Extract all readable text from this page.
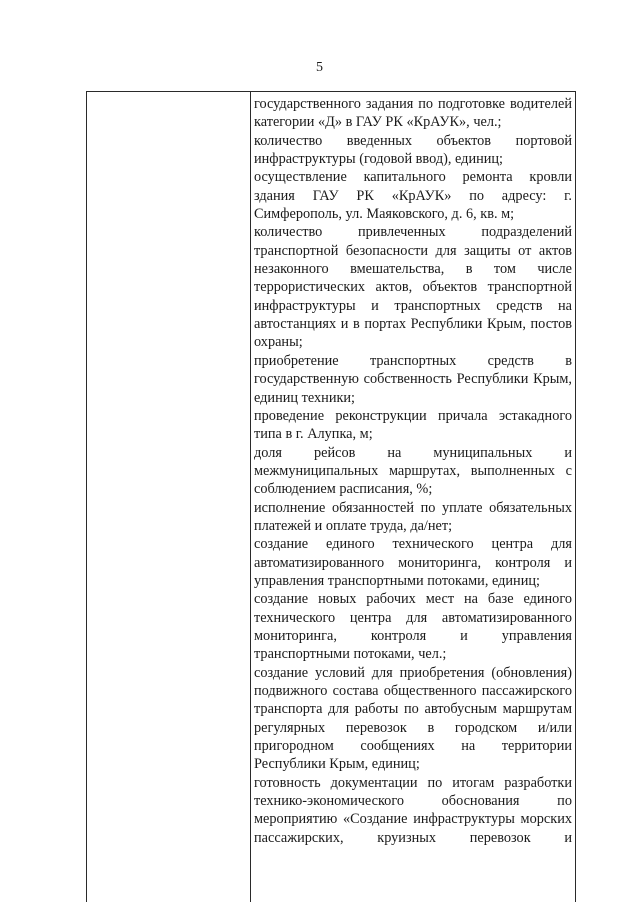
5

государственного задания по подготовке водителей категории «Д» в ГАУ РК «КрАУК», чел.;

количество введенных объектов портовой инфраструктуры (годовой ввод), единиц;

осуществление капитального ремонта кровли здания ГАУ РК «КрАУК» по адресу: г. Симферополь, ул. Маяковского, д. 6, кв. м;

количество привлеченных подразделений транспортной безопасности для защиты от актов незаконного вмешательства, в том числе террористических актов, объектов транспортной инфраструктуры и транспортных средств на автостанциях и в портах Республики Крым, постов охраны;

приобретение транспортных средств в государственную собственность Республики Крым, единиц техники;

проведение реконструкции причала эстакадного типа в г. Алупка, м;

доля рейсов на муниципальных и межмуниципальных маршрутах, выполненных с соблюдением расписания, %;

исполнение обязанностей по уплате обязательных платежей и оплате труда, да/нет;

создание единого технического центра для автоматизированного мониторинга, контроля и управления транспортными потоками, единиц;

создание новых рабочих мест на базе единого технического центра для автоматизированного мониторинга, контроля и управления транспортными потоками, чел.;

создание условий для приобретения (обновления) подвижного состава общественного пассажирского транспорта для работы по автобусным маршрутам регулярных перевозок в городском и/или пригородном сообщениях на территории Республики Крым, единиц;

готовность документации по итогам разработки технико-экономического обоснования по мероприятию «Создание инфраструктуры морских пассажирских, круизных перевозок и
